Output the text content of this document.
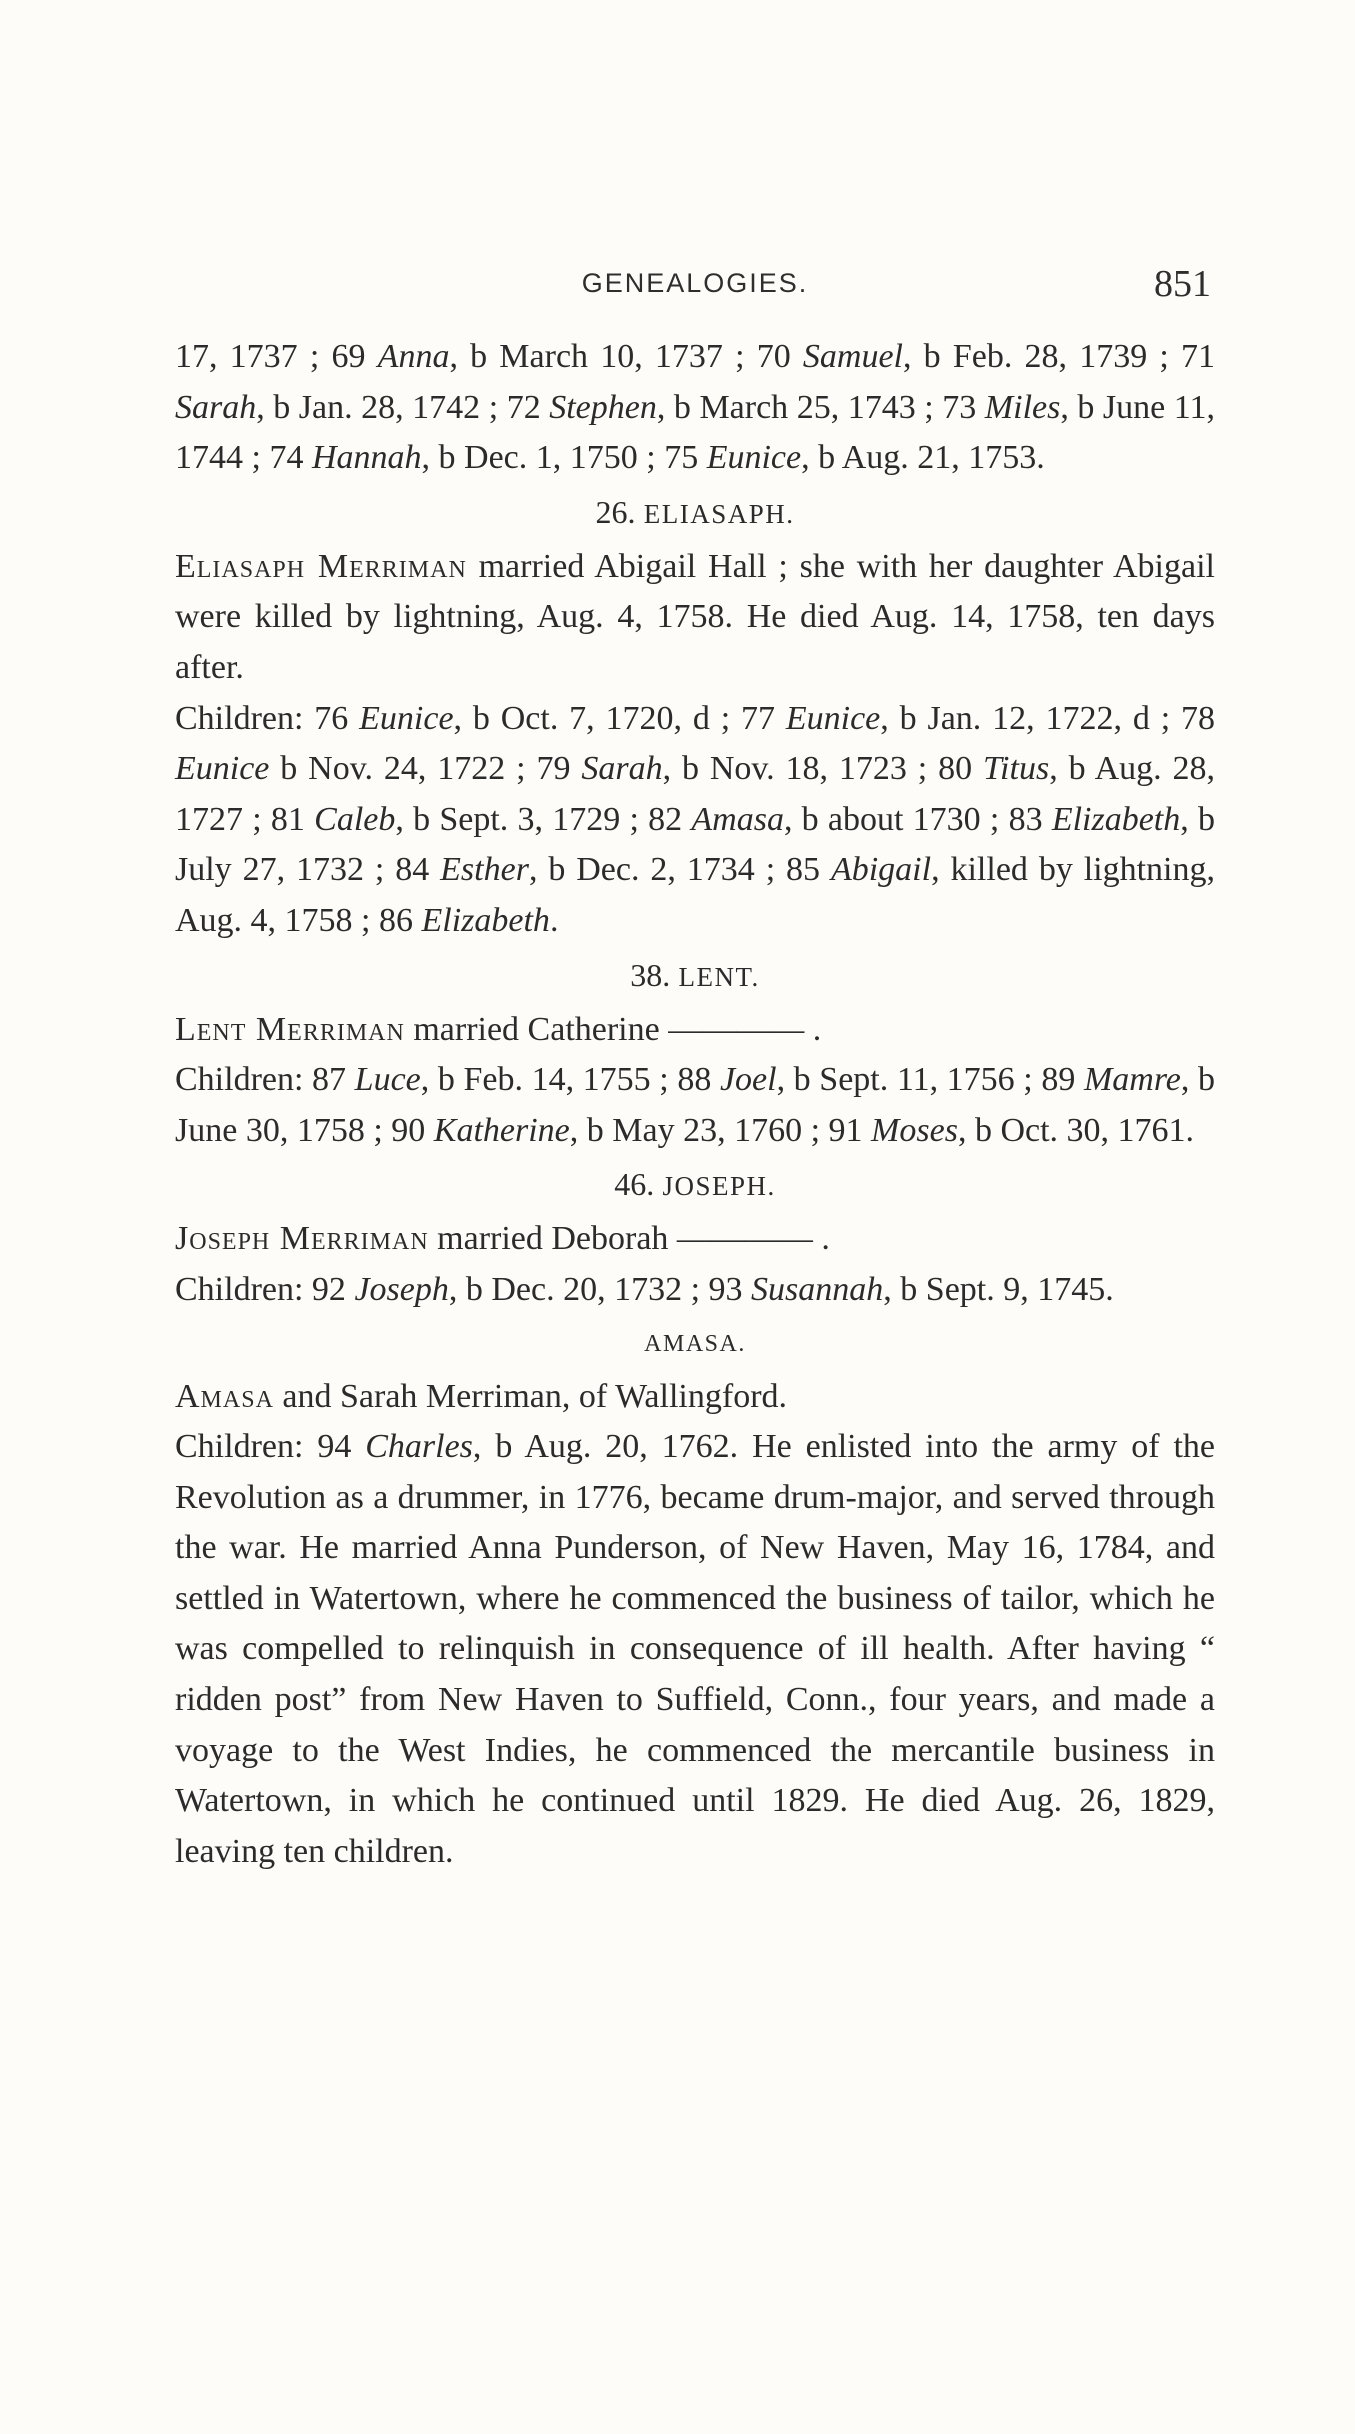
GENEALOGIES.	851

17, 1737 ; 69 Anna, b March 10, 1737 ; 70 Samuel, b Feb. 28, 1739 ; 71 Sarah, b Jan. 28, 1742 ; 72 Stephen, b March 25, 1743 ; 73 Miles, b June 11, 1744 ; 74 Hannah, b Dec. 1, 1750 ; 75 Eunice, b Aug. 21, 1753.

26. ELIASAPH.

Eliasaph Merriman married Abigail Hall ; she with her daughter Abigail were killed by lightning, Aug. 4, 1758. He died Aug. 14, 1758, ten days after.

Children: 76 Eunice, b Oct. 7, 1720, d ; 77 Eunice, b Jan. 12, 1722, d ; 78 Eunice b Nov. 24, 1722 ; 79 Sarah, b Nov. 18, 1723 ; 80 Titus, b Aug. 28, 1727 ; 81 Caleb, b Sept. 3, 1729 ; 82 Amasa, b about 1730 ; 83 Elizabeth, b July 27, 1732 ; 84 Esther, b Dec. 2, 1734 ; 85 Abigail, killed by lightning, Aug. 4, 1758 ; 86 Elizabeth.

38. LENT.

Lent Merriman married Catherine ———— .

Children: 87 Luce, b Feb. 14, 1755 ; 88 Joel, b Sept. 11, 1756 ; 89 Mamre, b June 30, 1758 ; 90 Katherine, b May 23, 1760 ; 91 Moses, b Oct. 30, 1761.

46. JOSEPH.

Joseph Merriman married Deborah ———— .

Children: 92 Joseph, b Dec. 20, 1732 ; 93 Susannah, b Sept. 9, 1745.

AMASA.

Amasa and Sarah Merriman, of Wallingford.

Children: 94 Charles, b Aug. 20, 1762. He enlisted into the army of the Revolution as a drummer, in 1776, became drum-major, and served through the war. He married Anna Punderson, of New Haven, May 16, 1784, and settled in Watertown, where he commenced the business of tailor, which he was compelled to relinquish in consequence of ill health. After having “ ridden post” from New Haven to Suffield, Conn., four years, and made a voyage to the West Indies, he commenced the mercantile business in Watertown, in which he continued until 1829. He died Aug. 26, 1829, leaving ten children.
